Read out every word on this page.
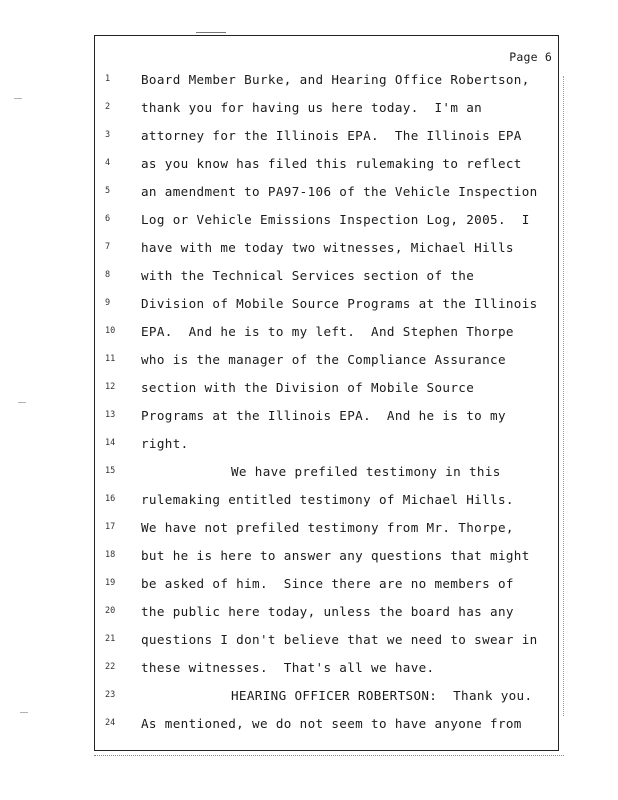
Page 6
1	Board Member Burke, and Hearing Office Robertson,
2	thank you for having us here today.  I'm an
3	attorney for the Illinois EPA.  The Illinois EPA
4	as you know has filed this rulemaking to reflect
5	an amendment to PA97-106 of the Vehicle Inspection
6	Log or Vehicle Emissions Inspection Log, 2005.  I
7	have with me today two witnesses, Michael Hills
8	with the Technical Services section of the
9	Division of Mobile Source Programs at the Illinois
10	EPA.  And he is to my left.  And Stephen Thorpe
11	who is the manager of the Compliance Assurance
12	section with the Division of Mobile Source
13	Programs at the Illinois EPA.  And he is to my
14	right.
15	We have prefiled testimony in this
16	rulemaking entitled testimony of Michael Hills.
17	We have not prefiled testimony from Mr. Thorpe,
18	but he is here to answer any questions that might
19	be asked of him.  Since there are no members of
20	the public here today, unless the board has any
21	questions I don't believe that we need to swear in
22	these witnesses.  That's all we have.
23	HEARING OFFICER ROBERTSON:  Thank you.
24	As mentioned, we do not seem to have anyone from
